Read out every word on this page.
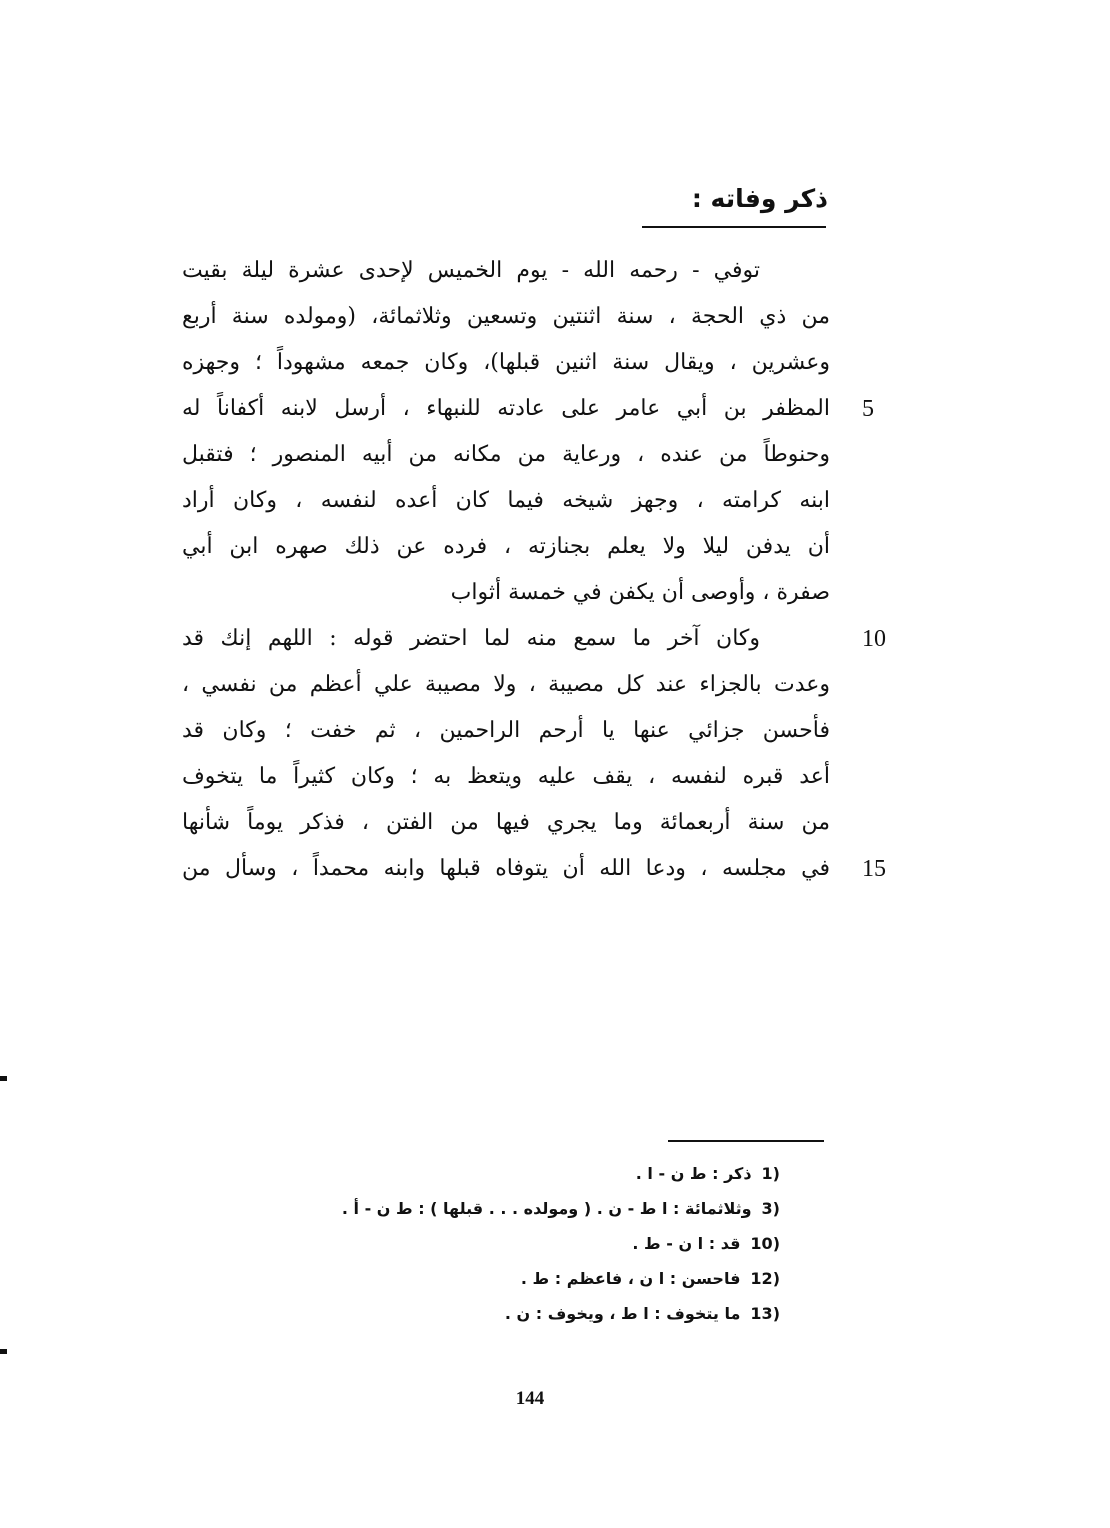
ذكر وفاته :
توفي - رحمه الله - يوم الخميس لإحدى عشرة ليلة بقيت
من ذي الحجة ، سنة اثنتين وتسعين وثلاثمائة، (ومولده سنة أربع
وعشرين ، ويقال سنة اثنين قبلها)، وكان جمعه مشهوداً ؛ وجهزه
المظفر بن أبي عامر على عادته للنبهاء ، أرسل لابنه أكفاناً له 5
وحنوطاً من عنده ، ورعاية من مكانه من أبيه المنصور ؛ فتقبل
ابنه كرامته ، وجهز شيخه فيما كان أعده لنفسه ، وكان أراد
أن يدفن ليلا ولا يعلم بجنازته ، فرده عن ذلك صهره ابن أبي
صفرة ، وأوصى أن يكفن في خمسة أثواب
وكان آخر ما سمع منه لما احتضر قوله : اللهم إنك قد	10
وعدت بالجزاء عند كل مصيبة ، ولا مصيبة علي أعظم من نفسي ،
فأحسن جزائي عنها يا أرحم الراحمين ، ثم خفت ؛ وكان قد
أعد قبره لنفسه ، يقف عليه ويتعظ به ؛ وكان كثيراً ما يتخوف
من سنة أربعمائة وما يجري فيها من الفتن ، فذكر يوماً شأنها
في مجلسه ، ودعا الله أن يتوفاه قبلها وابنه محمداً ، وسأل من 15
1)ذكر : ط ن - ا .
3)وثلاثمائة : ا ط - ن . ( ومولده . . . قبلها ) : ط ن - أ .
10)قد : ا ن - ط .
12)فاحسن : ا ن ، فاعظم : ط .
13)ما يتخوف : ا ط ، ويخوف : ن .
144
